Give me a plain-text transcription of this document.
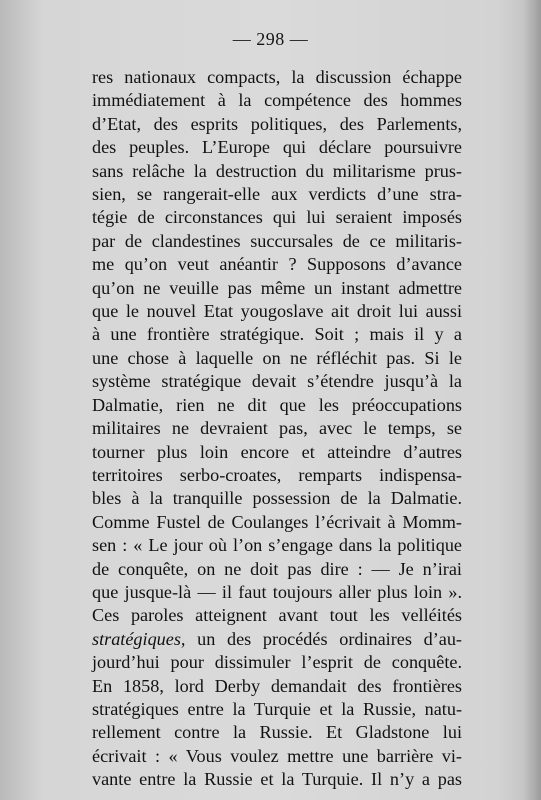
— 298 —
res nationaux compacts, la discussion échappe
immédiatement à la compétence des hommes
d’Etat, des esprits politiques, des Parlements,
des peuples. L’Europe qui déclare poursuivre
sans relâche la destruction du militarisme prus-
sien, se rangerait-elle aux verdicts d’une stra-
tégie de circonstances qui lui seraient imposés
par de clandestines succursales de ce militaris-
me qu’on veut anéantir ? Supposons d’avance
qu’on ne veuille pas même un instant admettre
que le nouvel Etat yougoslave ait droit lui aussi
à une frontière stratégique. Soit ; mais il y a
une chose à laquelle on ne réfléchit pas. Si le
système stratégique devait s’étendre jusqu’à la
Dalmatie, rien ne dit que les préoccupations
militaires ne devraient pas, avec le temps, se
tourner plus loin encore et atteindre d’autres
territoires serbo-croates, remparts indispensa-
bles à la tranquille possession de la Dalmatie.
Comme Fustel de Coulanges l’écrivait à Momm-
sen : « Le jour où l’on s’engage dans la politique
de conquête, on ne doit pas dire : — Je n’irai
que jusque-là — il faut toujours aller plus loin ».
Ces paroles atteignent avant tout les velléités
stratégiques, un des procédés ordinaires d’au-
jourd’hui pour dissimuler l’esprit de conquête.
En 1858, lord Derby demandait des frontières
stratégiques entre la Turquie et la Russie, natu-
rellement contre la Russie. Et Gladstone lui
écrivait : « Vous voulez mettre une barrière vi-
vante entre la Russie et la Turquie. Il n’y a pas
